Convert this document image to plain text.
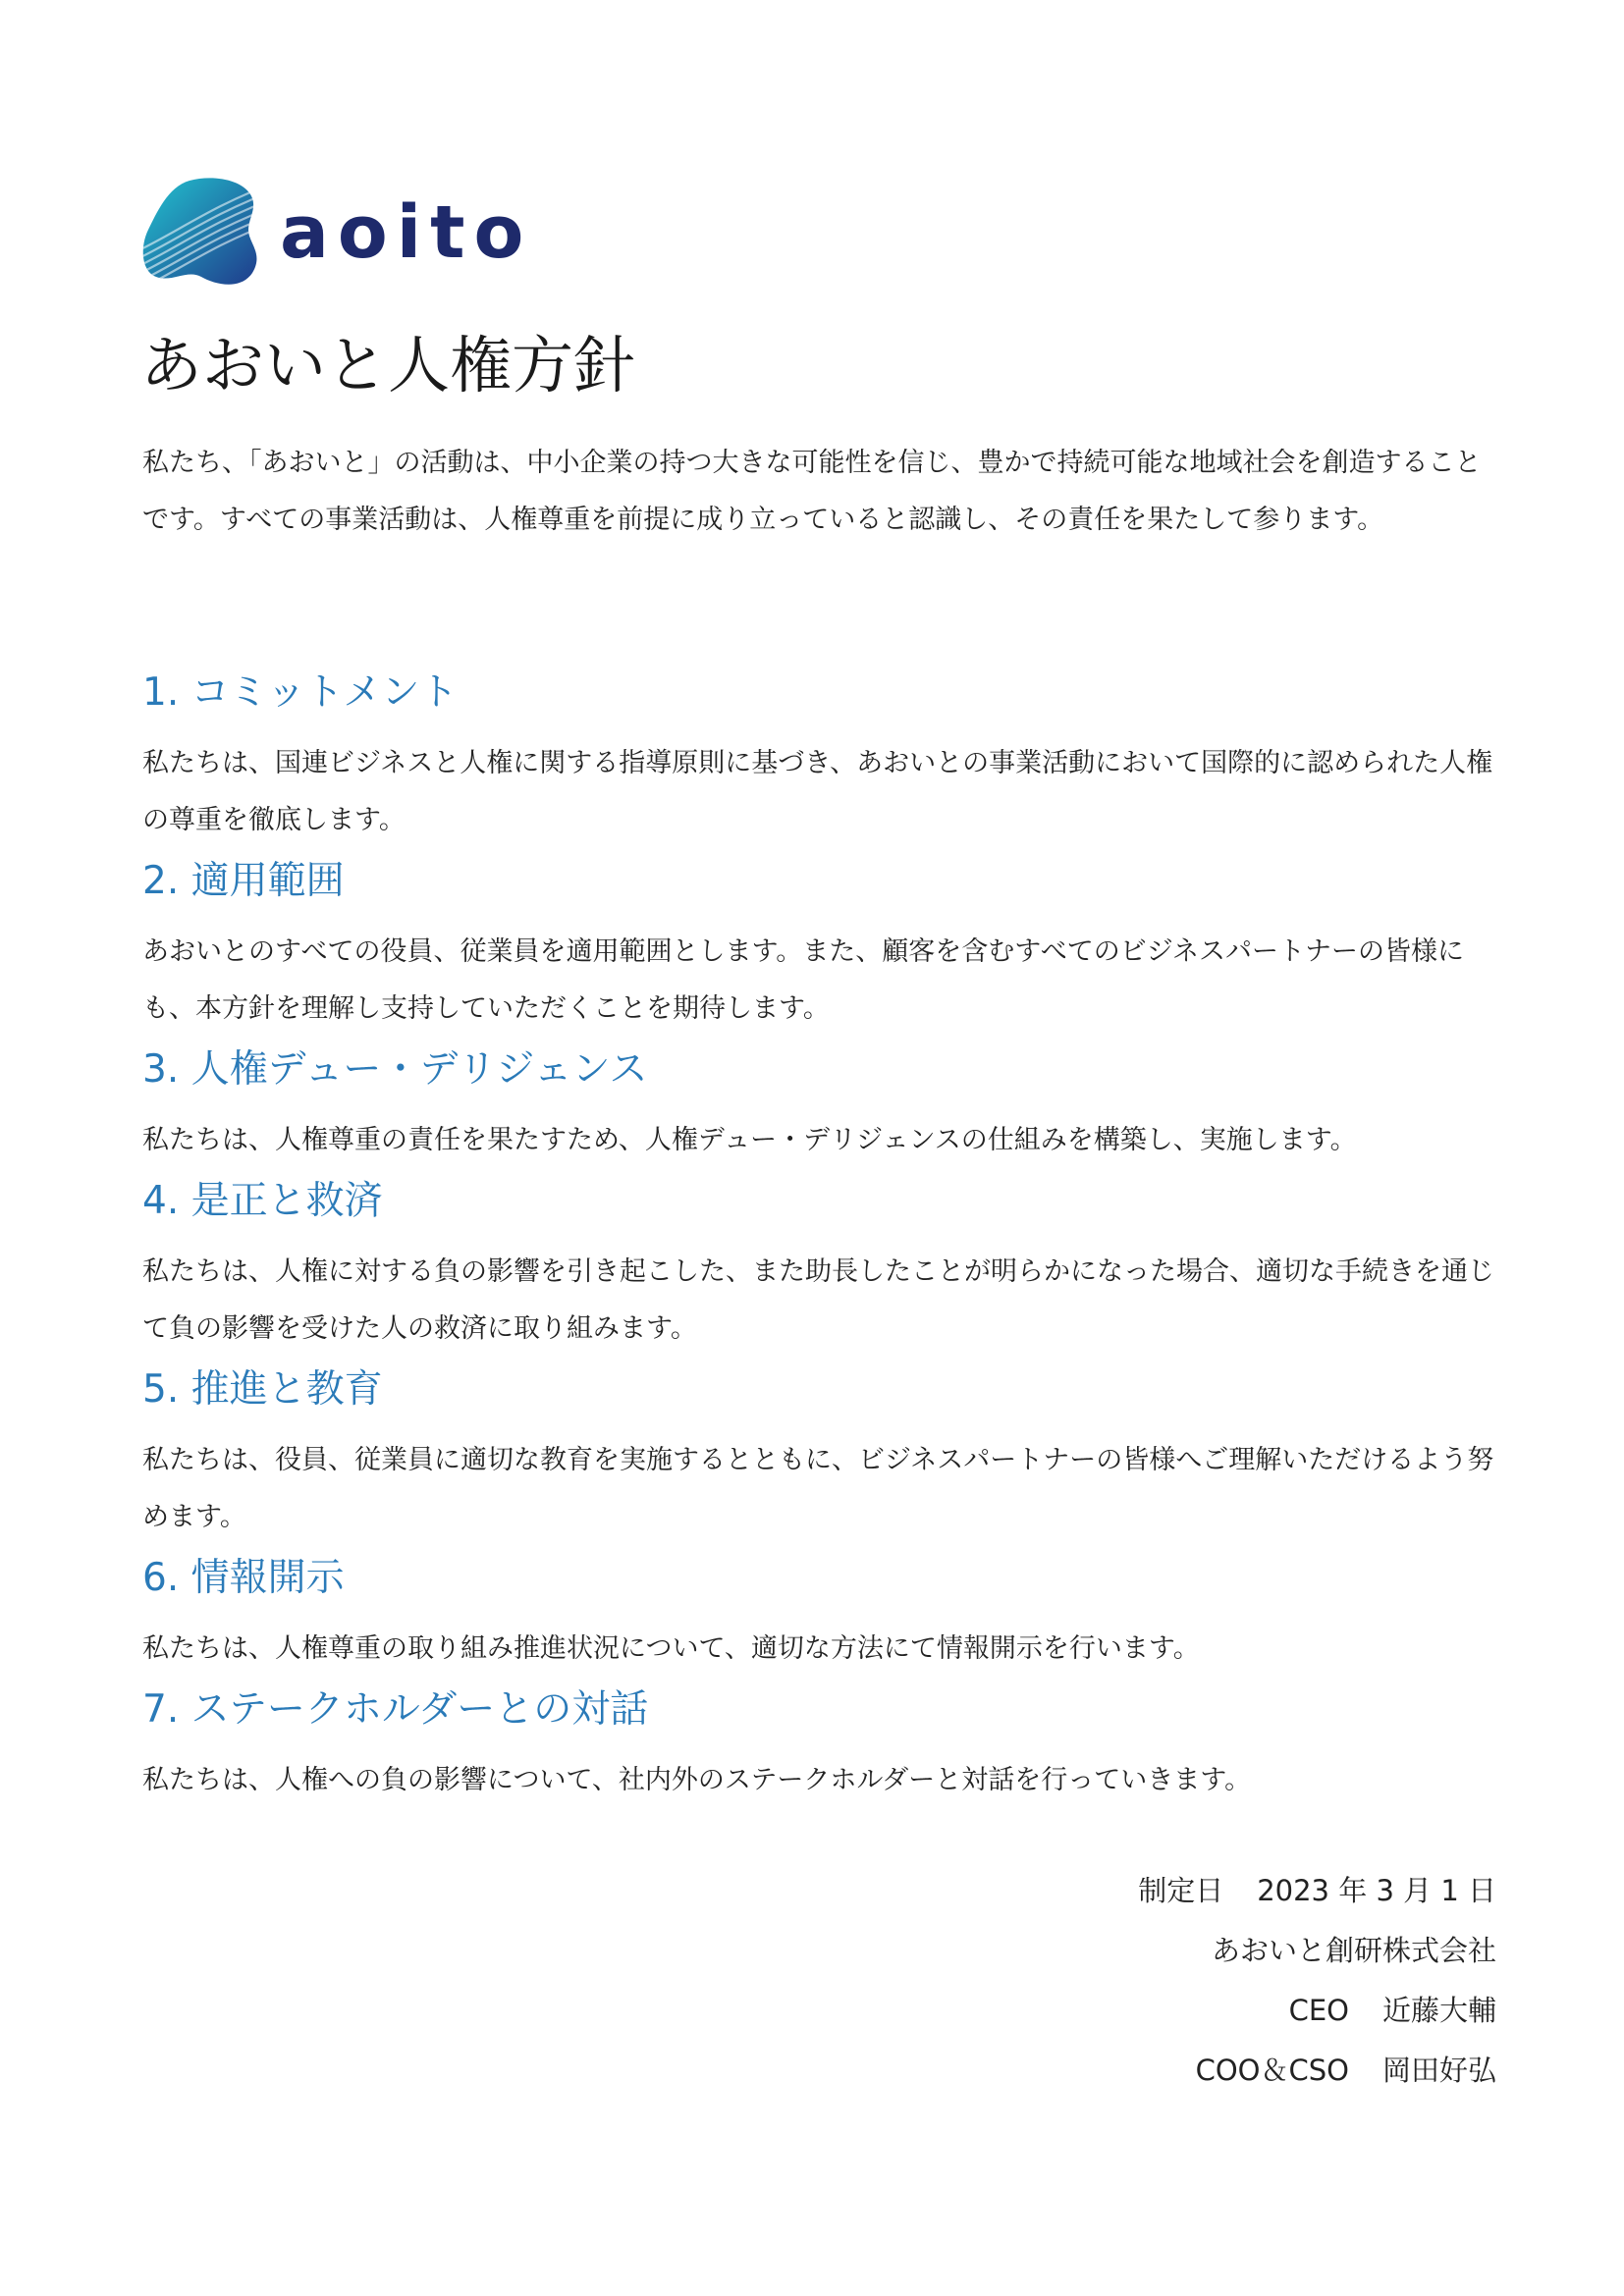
aoito
あおいと人権方針

私たち、「あおいと」の活動は、中小企業の持つ大きな可能性を信じ、豊かで持続可能な地域社会を創造することです。すべての事業活動は、人権尊重を前提に成り立っていると認識し、その責任を果たして参ります。

1. コミットメント

私たちは、国連ビジネスと人権に関する指導原則に基づき、あおいとの事業活動において国際的に認められた人権の尊重を徹底します。

2. 適用範囲

あおいとのすべての役員、従業員を適用範囲とします。また、顧客を含むすべてのビジネスパートナーの皆様にも、本方針を理解し支持していただくことを期待します。

3. 人権デュー・デリジェンス

私たちは、人権尊重の責任を果たすため、人権デュー・デリジェンスの仕組みを構築し、実施します。

4. 是正と救済

私たちは、人権に対する負の影響を引き起こした、また助長したことが明らかになった場合、適切な手続きを通じて負の影響を受けた人の救済に取り組みます。

5. 推進と教育

私たちは、役員、従業員に適切な教育を実施するとともに、ビジネスパートナーの皆様へご理解いただけるよう努めます。

6. 情報開示

私たちは、人権尊重の取り組み推進状況について、適切な方法にて情報開示を行います。

7. ステークホルダーとの対話

私たちは、人権への負の影響について、社内外のステークホルダーと対話を行っていきます。

制定日 2023 年 3 月 1 日
あおいと創研株式会社
CEO 近藤大輔
COO＆CSO 岡田好弘
